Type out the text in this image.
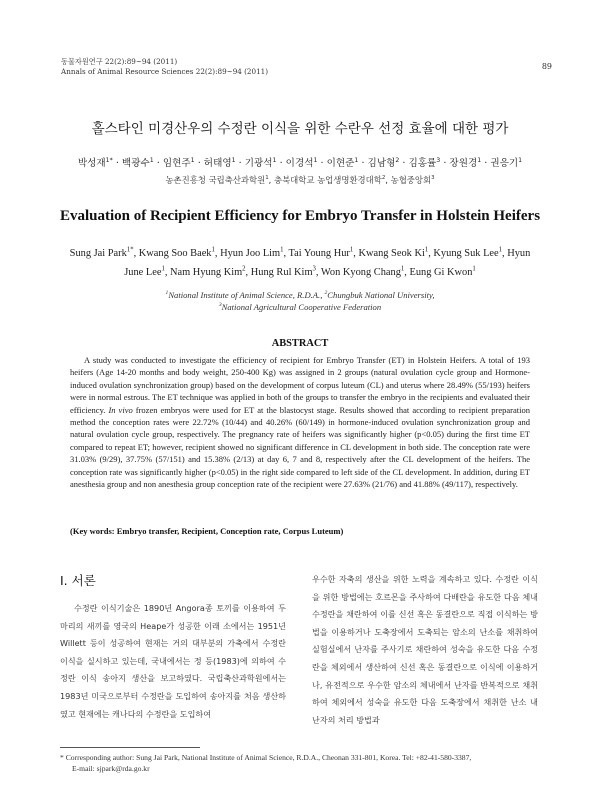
동물자원연구 22(2):89~94 (2011)
Annals of Animal Resource Sciences 22(2):89~94 (2011)
89
홀스타인 미경산우의 수정란 이식을 위한 수란우 선정 효율에 대한 평가
박성재$^{1*}$ · 백광수$^1$ · 임현주$^1$ · 허태영$^1$ · 기광석$^1$ · 이경석$^1$ · 이현준$^1$ · 김남형$^2$ · 김홍률$^3$ · 장원경$^1$ · 권응기$^1$
농촌진흥청 국립축산과학원$^1$, 충북대학교 농업생명환경대학$^2$, 농협중앙회$^3$
Evaluation of Recipient Efficiency for Embryo Transfer in Holstein Heifers
Sung Jai Park$^{1*}$, Kwang Soo Baek$^1$, Hyun Joo Lim$^1$, Tai Young Hur$^1$, Kwang Seok Ki$^1$, Kyung Suk Lee$^1$, Hyun June Lee$^1$, Nam Hyung Kim$^2$, Hung Rul Kim$^3$, Won Kyong Chang$^1$, Eung Gi Kwon$^1$
$^1$National Institute of Animal Science, R.D.A., $^2$Chungbuk National University,
$^3$National Agricultural Cooperative Federation
ABSTRACT
A study was conducted to investigate the efficiency of recipient for Embryo Transfer (ET) in Holstein Heifers. A total of 193 heifers (Age 14-20 months and body weight, 250-400 Kg) was assigned in 2 groups (natural ovulation cycle group and Hormone-induced ovulation synchronization group) based on the development of corpus luteum (CL) and uterus where 28.49% (55/193) heifers were in normal estrous. The ET technique was applied in both of the groups to transfer the embryo in the recipients and evaluated their efficiency. In vivo frozen embryos were used for ET at the blastocyst stage. Results showed that according to recipient preparation method the conception rates were 22.72% (10/44) and 40.26% (60/149) in hormone-induced ovulation synchronization group and natural ovulation cycle group, respectively. The pregnancy rate of heifers was significantly higher (p<0.05) during the first time ET compared to repeat ET; however, recipient showed no significant difference in CL development in both side. The conception rate were 31.03% (9/29), 37.75% (57/151) and 15.38% (2/13) at day 6, 7 and 8, respectively after the CL development of the heifers. The conception rate was significantly higher (p<0.05) in the right side compared to left side of the CL development. In addition, during ET anesthesia group and non anesthesia group conception rate of the recipient were 27.63% (21/76) and 41.88% (49/117), respectively.
(Key words: Embryo transfer, Recipient, Conception rate, Corpus Luteum)
I. 서론
수정란 이식기술은 1890년 Angora종 토끼를 이용하여 두 마리의 새끼를 영국의 Heape가 성공한 이래 소에서는 1951년 Willett 등이 성공하여 현재는 거의 대부분의 가축에서 수정란 이식을 실시하고 있는데, 국내에서는 정 등(1983)에 의하여 수정란 이식 송아지 생산을 보고하였다. 국립축산과학원에서는 1983년 미국으로부터 수정란을 도입하여 송아지를 처음 생산하였고 현재에는 캐나다의 수정란을 도입하여
우수한 자축의 생산을 위한 노력을 계속하고 있다. 수정란 이식을 위한 방법에는 호르몬을 주사하여 다배란을 유도한 다음 체내수정란을 채란하여 이를 신선 혹은 동결란으로 직접 이식하는 방법을 이용하거나 도축장에서 도축되는 암소의 난소를 채취하여 실험실에서 난자를 주사기로 채란하여 성숙을 유도한 다음 수정란을 체외에서 생산하여 신선 혹은 동결란으로 이식에 이용하거나, 유전적으로 우수한 암소의 체내에서 난자를 반복적으로 채취하여 체외에서 성숙을 유도한 다음 도축장에서 채취한 난소 내 난자의 처리 방법과
* Corresponding author: Sung Jai Park, National Institute of Animal Science, R.D.A., Cheonan 331-801, Korea. Tel: +82-41-580-3387,
E-mail: sjpark@rda.go.kr
